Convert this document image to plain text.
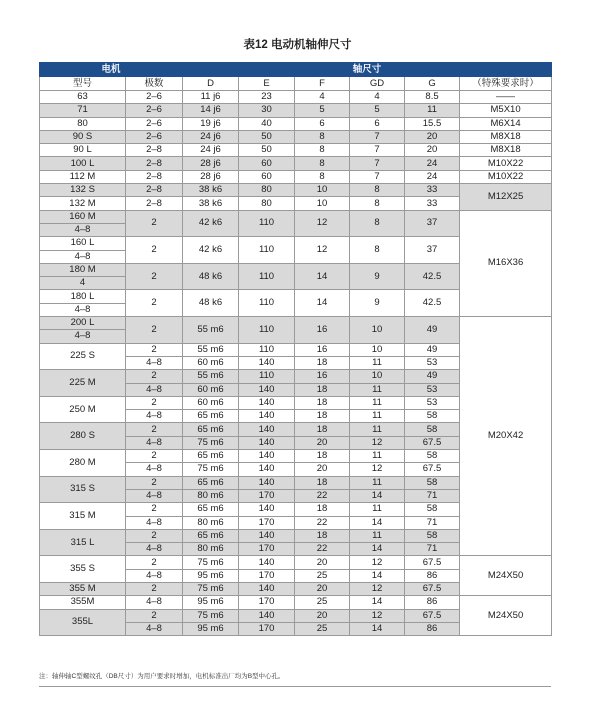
表12 电动机轴伸尺寸
电机		轴尺寸					
型号	极数	D	E	F	GD	G	（特殊要求时）
63	2–6	11 j6	23	4	4	8.5	——
71	2–6	14 j6	30	5	5	11	M5X10
80	2–6	19 j6	40	6	6	15.5	M6X14
90 S	2–6	24 j6	50	8	7	20	M8X18
90 L	2–8	24 j6	50	8	7	20	M8X18
100 L	2–8	28 j6	60	8	7	24	M10X22
112 M	2–8	28 j6	60	8	7	24	M10X22
132 S	2–8	38 k6	80	10	8	33	M12X25
132 M	2–8	38 k6	80	10	8	33	
160 M	2	42 k6	110	12	8	37	M16X36
4–8							
160 L	2	42 k6	110	12	8	37	
4–8							
180 M	2	48 k6	110	14	9	42.5	
4							
180 L	2	48 k6	110	14	9	42.5	
4–8							
200 L	2	55 m6	110	16	10	49	M20X42
4–8							
225 S	2	55 m6	110	16	10	49	
	4–8	60 m6	140	18	11	53	
225 M	2	55 m6	110	16	10	49	
	4–8	60 m6	140	18	11	53	
250 M	2	60 m6	140	18	11	53	
	4–8	65 m6	140	18	11	58	
280 S	2	65 m6	140	18	11	58	
	4–8	75 m6	140	20	12	67.5	
280 M	2	65 m6	140	18	11	58	
	4–8	75 m6	140	20	12	67.5	
315 S	2	65 m6	140	18	11	58	
	4–8	80 m6	170	22	14	71	
315 M	2	65 m6	140	18	11	58	
	4–8	80 m6	170	22	14	71	
315 L	2	65 m6	140	18	11	58	
	4–8	80 m6	170	22	14	71	
355 S	2	75 m6	140	20	12	67.5	M24X50
	4–8	95 m6	170	25	14	86	
355 M	2	75 m6	140	20	12	67.5	
355M	4–8	95 m6	170	25	14	86	M24X50
355L	2	75 m6	140	20	12	67.5	
	4–8	95 m6	170	25	14	86	
注：轴伸轴C型螺纹孔（DB尺寸）为用户要求时增加，电机标准出厂均为B型中心孔。
